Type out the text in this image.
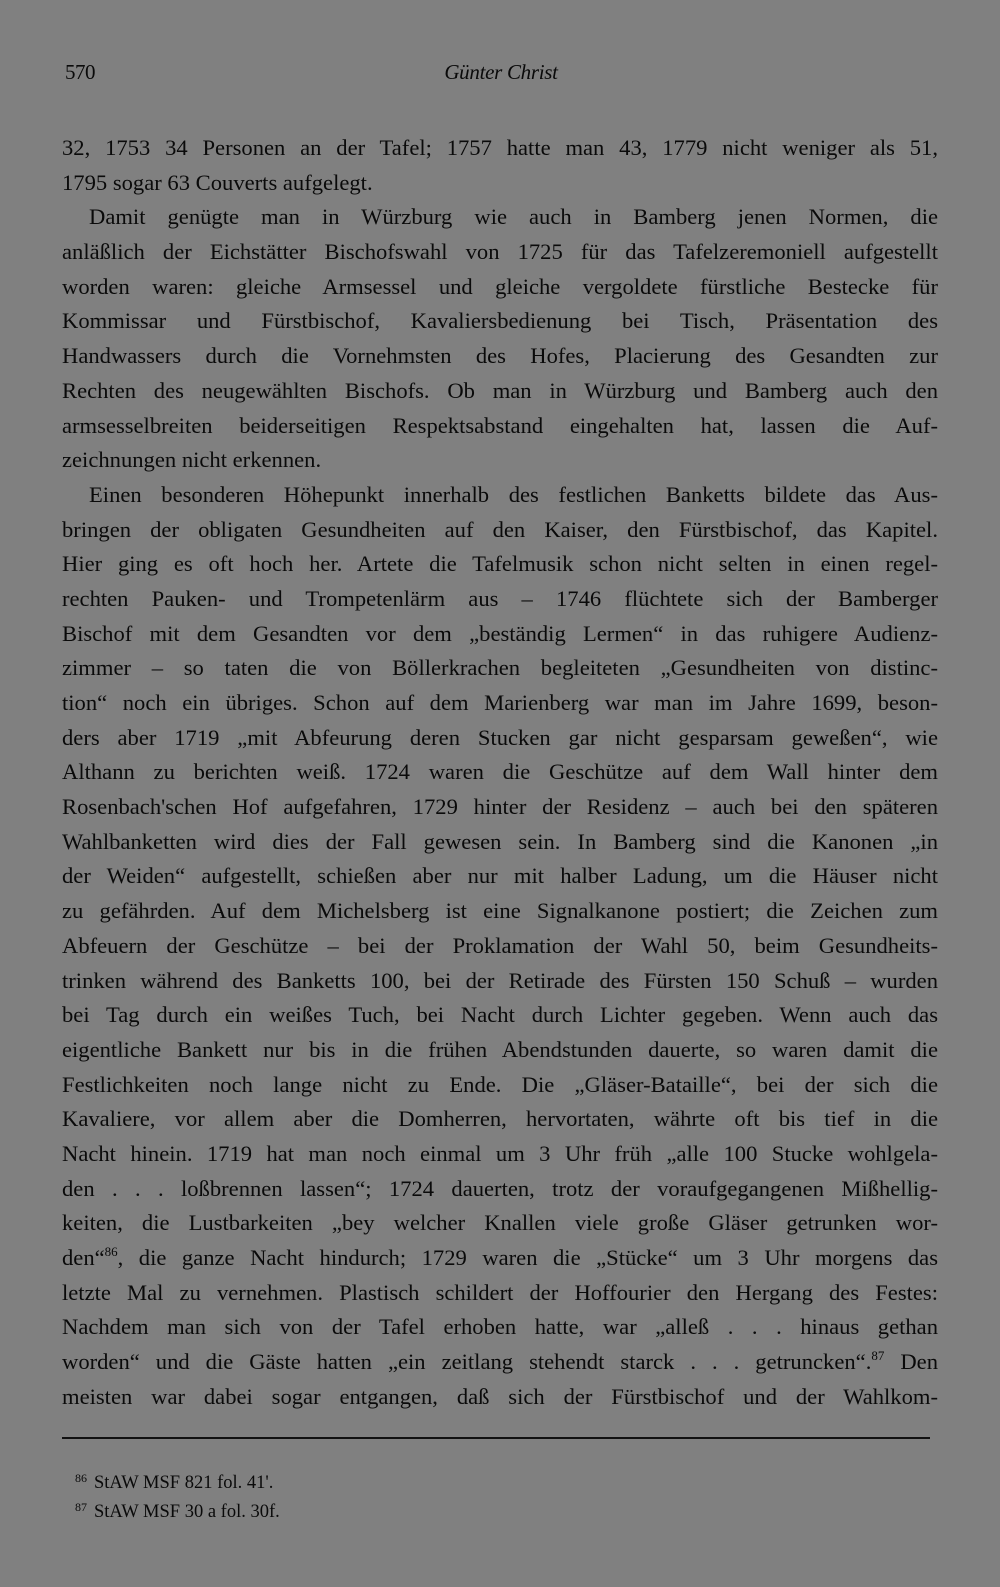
570	Günter Christ
32, 1753 34 Personen an der Tafel; 1757 hatte man 43, 1779 nicht weniger als 51,
1795 sogar 63 Couverts aufgelegt.
Damit genügte man in Würzburg wie auch in Bamberg jenen Normen, die
anläßlich der Eichstätter Bischofswahl von 1725 für das Tafelzeremoniell aufgestellt
worden waren: gleiche Armsessel und gleiche vergoldete fürstliche Bestecke für
Kommissar und Fürstbischof, Kavaliersbedienung bei Tisch, Präsentation des
Handwassers durch die Vornehmsten des Hofes, Placierung des Gesandten zur
Rechten des neugewählten Bischofs. Ob man in Würzburg und Bamberg auch den
armsesselbreiten beiderseitigen Respektsabstand eingehalten hat, lassen die Auf-
zeichnungen nicht erkennen.
Einen besonderen Höhepunkt innerhalb des festlichen Banketts bildete das Aus-
bringen der obligaten Gesundheiten auf den Kaiser, den Fürstbischof, das Kapitel.
Hier ging es oft hoch her. Artete die Tafelmusik schon nicht selten in einen regel-
rechten Pauken- und Trompetenlärm aus – 1746 flüchtete sich der Bamberger
Bischof mit dem Gesandten vor dem „beständig Lermen“ in das ruhigere Audienz-
zimmer – so taten die von Böllerkrachen begleiteten „Gesundheiten von distinc-
tion“ noch ein übriges. Schon auf dem Marienberg war man im Jahre 1699, beson-
ders aber 1719 „mit Abfeurung deren Stucken gar nicht gesparsam geweßen“, wie
Althann zu berichten weiß. 1724 waren die Geschütze auf dem Wall hinter dem
Rosenbach'schen Hof aufgefahren, 1729 hinter der Residenz – auch bei den späteren
Wahlbanketten wird dies der Fall gewesen sein. In Bamberg sind die Kanonen „in
der Weiden“ aufgestellt, schießen aber nur mit halber Ladung, um die Häuser nicht
zu gefährden. Auf dem Michelsberg ist eine Signalkanone postiert; die Zeichen zum
Abfeuern der Geschütze – bei der Proklamation der Wahl 50, beim Gesundheits-
trinken während des Banketts 100, bei der Retirade des Fürsten 150 Schuß – wurden
bei Tag durch ein weißes Tuch, bei Nacht durch Lichter gegeben. Wenn auch das
eigentliche Bankett nur bis in die frühen Abendstunden dauerte, so waren damit die
Festlichkeiten noch lange nicht zu Ende. Die „Gläser-Bataille“, bei der sich die
Kavaliere, vor allem aber die Domherren, hervortaten, währte oft bis tief in die
Nacht hinein. 1719 hat man noch einmal um 3 Uhr früh „alle 100 Stucke wohlgela-
den . . . loßbrennen lassen“; 1724 dauerten, trotz der voraufgegangenen Mißhellig-
keiten, die Lustbarkeiten „bey welcher Knallen viele große Gläser getrunken wor-
den“$^{86}$, die ganze Nacht hindurch; 1729 waren die „Stücke“ um 3 Uhr morgens das
letzte Mal zu vernehmen. Plastisch schildert der Hoffourier den Hergang des Festes:
Nachdem man sich von der Tafel erhoben hatte, war „alleß . . . hinaus gethan
worden“ und die Gäste hatten „ein zeitlang stehendt starck . . . getruncken“.$^{87}$ Den
meisten war dabei sogar entgangen, daß sich der Fürstbischof und der Wahlkom-
$^{86}$ StAW MSF 821 fol. 41'.
$^{87}$ StAW MSF 30 a fol. 30f.
